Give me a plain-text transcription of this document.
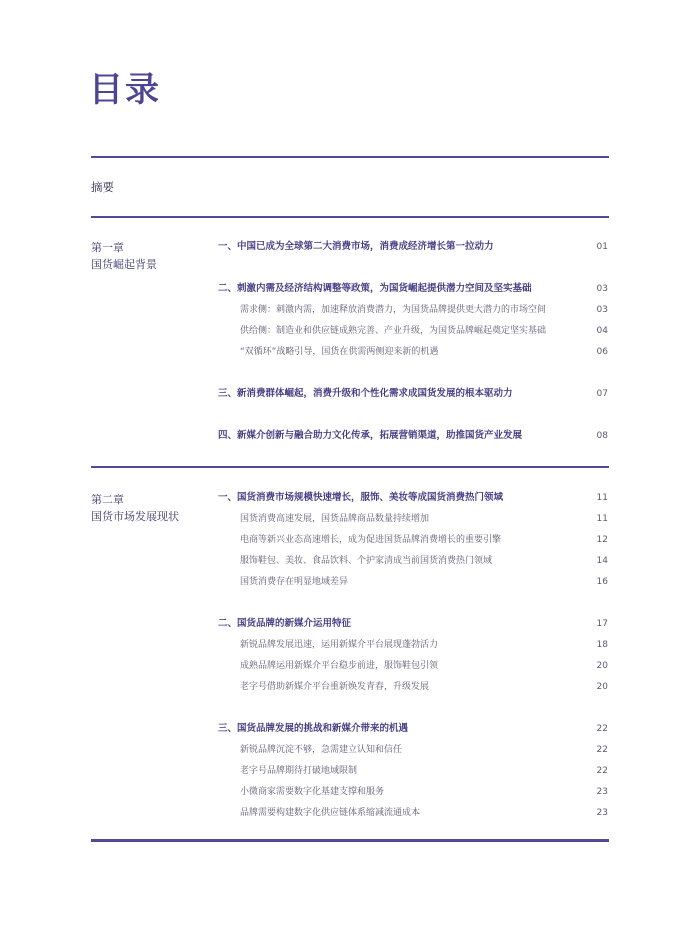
目录
摘要
第一章
国货崛起背景
一、中国已成为全球第二大消费市场，消费成经济增长第一拉动力	01
二、刺激内需及经济结构调整等政策，为国货崛起提供潜力空间及坚实基础	03
需求侧：刺激内需，加速释放消费潜力，为国货品牌提供更大潜力的市场空间	03
供给侧：制造业和供应链成熟完善、产业升级，为国货品牌崛起奠定坚实基础	04
“双循环”战略引导，国货在供需两侧迎来新的机遇	06
三、新消费群体崛起，消费升级和个性化需求成国货发展的根本驱动力	07
四、新媒介创新与融合助力文化传承，拓展营销渠道，助推国货产业发展	08
第二章
国货市场发展现状
一、国货消费市场规模快速增长，服饰、美妆等成国货消费热门领域	11
国货消费高速发展，国货品牌商品数量持续增加	11
电商等新兴业态高速增长，成为促进国货品牌消费增长的重要引擎	12
服饰鞋包、美妆、食品饮料、个护家清成当前国货消费热门领域	14
国货消费存在明显地域差异	16
二、国货品牌的新媒介运用特征	17
新锐品牌发展迅速，运用新媒介平台展现蓬勃活力	18
成熟品牌运用新媒介平台稳步前进，服饰鞋包引领	20
老字号借助新媒介平台重新焕发青春，升级发展	20
三、国货品牌发展的挑战和新媒介带来的机遇	22
新锐品牌沉淀不够，急需建立认知和信任	22
老字号品牌期待打破地域限制	22
小微商家需要数字化基建支撑和服务	23
品牌需要构建数字化供应链体系缩减流通成本	23
